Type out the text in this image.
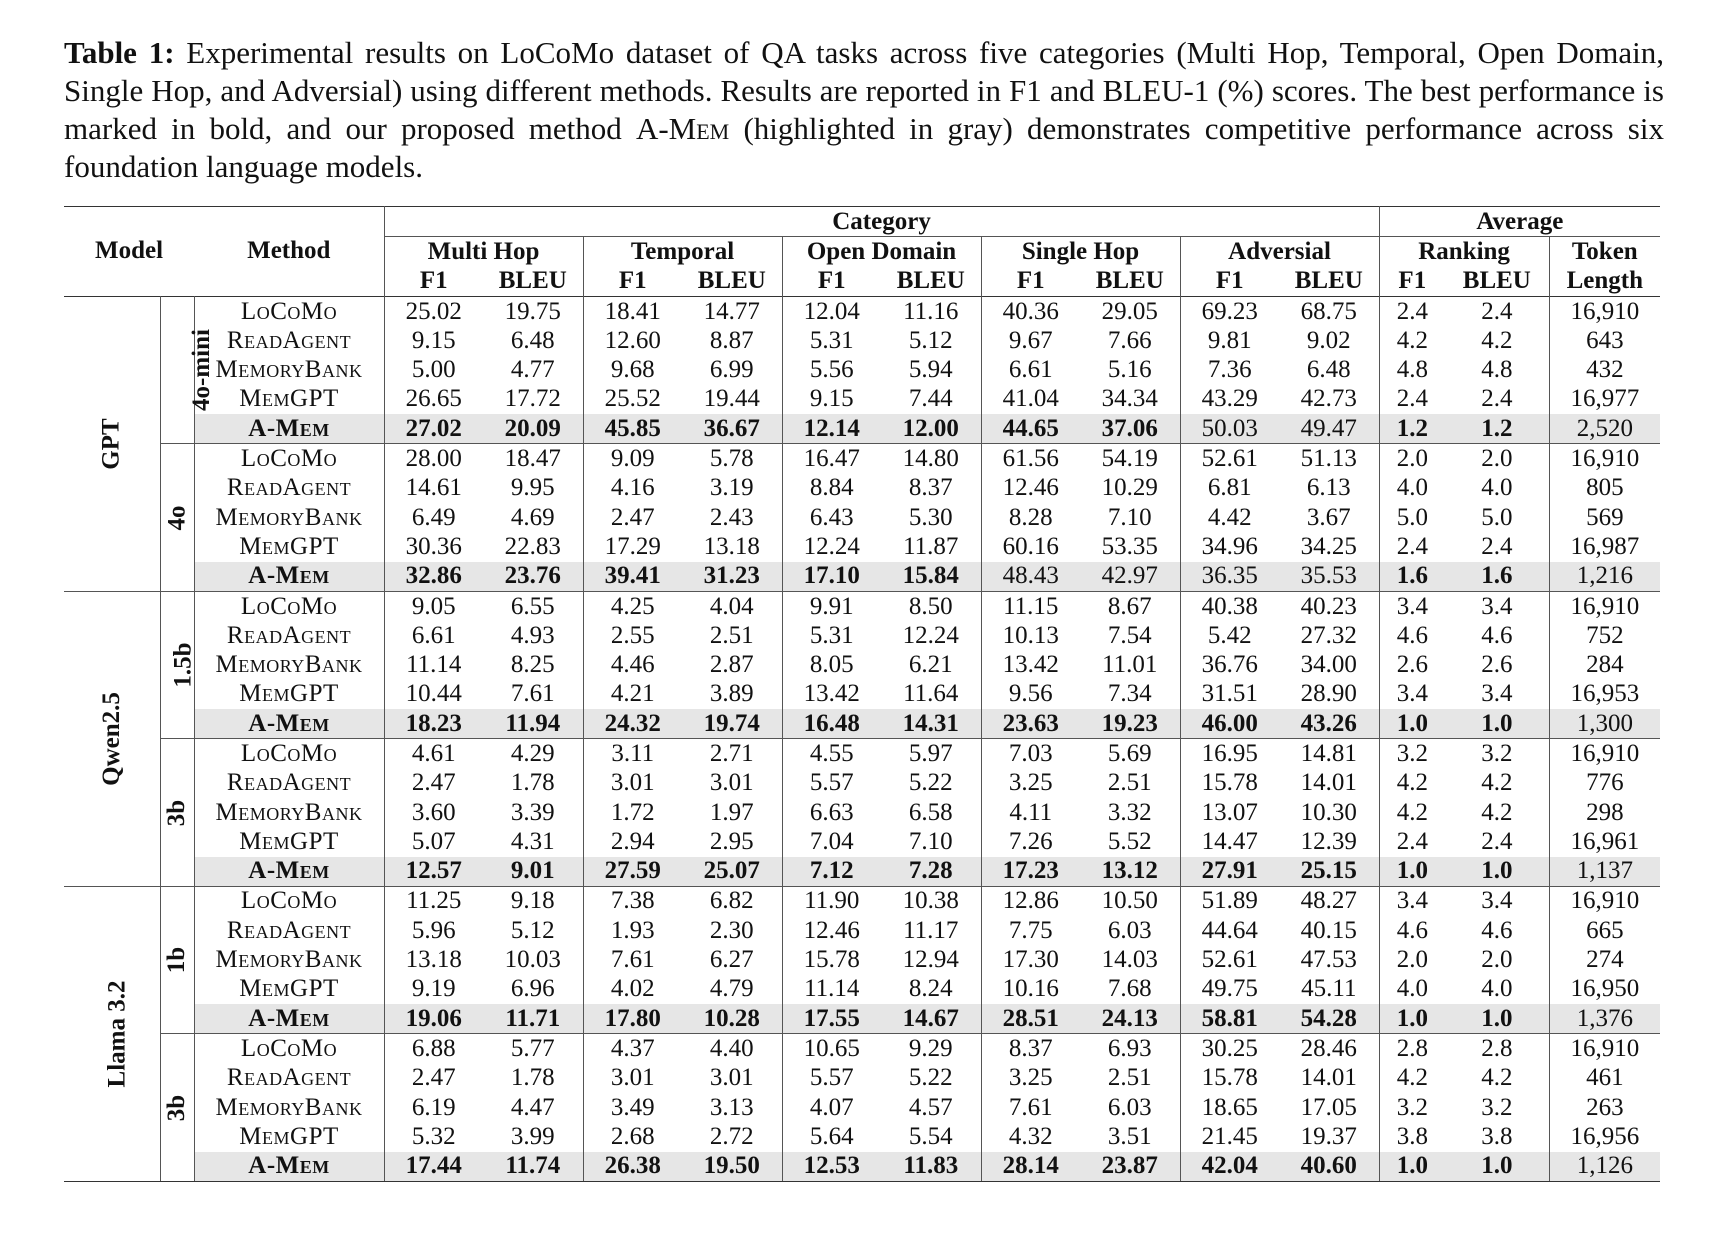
Table 1: Experimental results on LoCoMo dataset of QA tasks across five categories (Multi Hop, Temporal, Open Domain, Single Hop, and Adversial) using different methods. Results are reported in F1 and BLEU-1 (%) scores. The best performance is marked in bold, and our proposed method A-Mem (highlighted in gray) demonstrates competitive performance across six foundation language models.
Model		Method	Category										Average		
			Multi Hop		Temporal		Open Domain		Single Hop		Adversial		Ranking		Token
			F1	BLEU	F1	BLEU	F1	BLEU	F1	BLEU	F1	BLEU	F1	BLEU	Length
GPT	4o-mini	LoCoMo	25.02	19.75	18.41	14.77	12.04	11.16	40.36	29.05	69.23	68.75	2.4	2.4	16,910
		ReadAgent	9.15	6.48	12.60	8.87	5.31	5.12	9.67	7.66	9.81	9.02	4.2	4.2	643
		MemoryBank	5.00	4.77	9.68	6.99	5.56	5.94	6.61	5.16	7.36	6.48	4.8	4.8	432
		MemGPT	26.65	17.72	25.52	19.44	9.15	7.44	41.04	34.34	43.29	42.73	2.4	2.4	16,977
		A-Mem	27.02	20.09	45.85	36.67	12.14	12.00	44.65	37.06	50.03	49.47	1.2	1.2	2,520
	4o	LoCoMo	28.00	18.47	9.09	5.78	16.47	14.80	61.56	54.19	52.61	51.13	2.0	2.0	16,910
		ReadAgent	14.61	9.95	4.16	3.19	8.84	8.37	12.46	10.29	6.81	6.13	4.0	4.0	805
		MemoryBank	6.49	4.69	2.47	2.43	6.43	5.30	8.28	7.10	4.42	3.67	5.0	5.0	569
		MemGPT	30.36	22.83	17.29	13.18	12.24	11.87	60.16	53.35	34.96	34.25	2.4	2.4	16,987
		A-Mem	32.86	23.76	39.41	31.23	17.10	15.84	48.43	42.97	36.35	35.53	1.6	1.6	1,216
Qwen2.5	1.5b	LoCoMo	9.05	6.55	4.25	4.04	9.91	8.50	11.15	8.67	40.38	40.23	3.4	3.4	16,910
		ReadAgent	6.61	4.93	2.55	2.51	5.31	12.24	10.13	7.54	5.42	27.32	4.6	4.6	752
		MemoryBank	11.14	8.25	4.46	2.87	8.05	6.21	13.42	11.01	36.76	34.00	2.6	2.6	284
		MemGPT	10.44	7.61	4.21	3.89	13.42	11.64	9.56	7.34	31.51	28.90	3.4	3.4	16,953
		A-Mem	18.23	11.94	24.32	19.74	16.48	14.31	23.63	19.23	46.00	43.26	1.0	1.0	1,300
	3b	LoCoMo	4.61	4.29	3.11	2.71	4.55	5.97	7.03	5.69	16.95	14.81	3.2	3.2	16,910
		ReadAgent	2.47	1.78	3.01	3.01	5.57	5.22	3.25	2.51	15.78	14.01	4.2	4.2	776
		MemoryBank	3.60	3.39	1.72	1.97	6.63	6.58	4.11	3.32	13.07	10.30	4.2	4.2	298
		MemGPT	5.07	4.31	2.94	2.95	7.04	7.10	7.26	5.52	14.47	12.39	2.4	2.4	16,961
		A-Mem	12.57	9.01	27.59	25.07	7.12	7.28	17.23	13.12	27.91	25.15	1.0	1.0	1,137
Llama 3.2	1b	LoCoMo	11.25	9.18	7.38	6.82	11.90	10.38	12.86	10.50	51.89	48.27	3.4	3.4	16,910
		ReadAgent	5.96	5.12	1.93	2.30	12.46	11.17	7.75	6.03	44.64	40.15	4.6	4.6	665
		MemoryBank	13.18	10.03	7.61	6.27	15.78	12.94	17.30	14.03	52.61	47.53	2.0	2.0	274
		MemGPT	9.19	6.96	4.02	4.79	11.14	8.24	10.16	7.68	49.75	45.11	4.0	4.0	16,950
		A-Mem	19.06	11.71	17.80	10.28	17.55	14.67	28.51	24.13	58.81	54.28	1.0	1.0	1,376
	3b	LoCoMo	6.88	5.77	4.37	4.40	10.65	9.29	8.37	6.93	30.25	28.46	2.8	2.8	16,910
		ReadAgent	2.47	1.78	3.01	3.01	5.57	5.22	3.25	2.51	15.78	14.01	4.2	4.2	461
		MemoryBank	6.19	4.47	3.49	3.13	4.07	4.57	7.61	6.03	18.65	17.05	3.2	3.2	263
		MemGPT	5.32	3.99	2.68	2.72	5.64	5.54	4.32	3.51	21.45	19.37	3.8	3.8	16,956
		A-Mem	17.44	11.74	26.38	19.50	12.53	11.83	28.14	23.87	42.04	40.60	1.0	1.0	1,126
